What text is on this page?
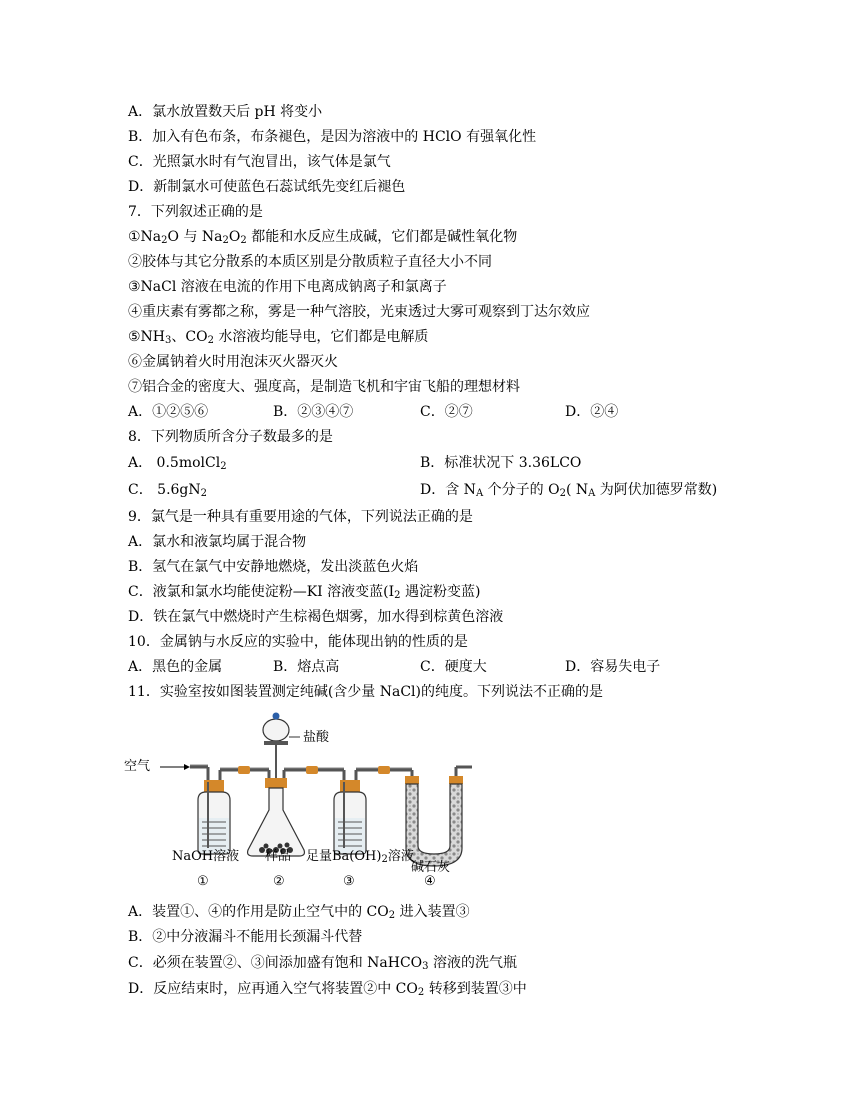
A．氯水放置数天后 pH 将变小
B．加入有色布条，布条褪色，是因为溶液中的 HClO 有强氧化性
C．光照氯水时有气泡冒出，该气体是氯气
D．新制氯水可使蓝色石蕊试纸先变红后褪色
7．下列叙述正确的是
$①Na_2O$ 与 $Na_2O_2$ 都能和水反应生成碱，它们都是碱性氧化物
②胶体与其它分散系的本质区别是分散质粒子直径大小不同
③NaCl 溶液在电流的作用下电离成钠离子和氯离子
④重庆素有雾都之称，雾是一种气溶胶，光束透过大雾可观察到丁达尔效应
$⑤NH_3$、$CO_2$ 水溶液均能导电，它们都是电解质
⑥金属钠着火时用泡沫灭火器灭火
⑦铝合金的密度大、强度高，是制造飞机和宇宙飞船的理想材料
A．①②⑤⑥	B．②③④⑦	C．②⑦	D．②④
8．下列物质所含分子数最多的是
A． 0.5molCl$_2$	B．标准状况下 3.36LCO
C． $5.6gN_2$	D．含 $N_A$ 个分子的 $O_2$( $N_A$ 为阿伏加德罗常数)
9．氯气是一种具有重要用途的气体，下列说法正确的是
A．氯水和液氯均属于混合物
B．氢气在氯气中安静地燃烧，发出淡蓝色火焰
C．液氯和氯水均能使淀粉—KI 溶液变蓝($I_2$ 遇淀粉变蓝)
D．铁在氯气中燃烧时产生棕褐色烟雾，加水得到棕黄色溶液
10．金属钠与水反应的实验中，能体现出钠的性质的是
A．黑色的金属	B．熔点高	C．硬度大	D．容易失电子
11．实验室按如图装置测定纯碱(含少量 NaCl)的纯度。下列说法不正确的是
空气
盐酸
NaOH溶液 样品 足量$Ba(OH)_2$溶液
碱石灰
①	②	③	④
A．装置①、④的作用是防止空气中的 $CO_2$ 进入装置③
B．②中分液漏斗不能用长颈漏斗代替
C．必须在装置②、③间添加盛有饱和 NaHCO$_3$ 溶液的洗气瓶
D．反应结束时，应再通入空气将装置②中 $CO_2$ 转移到装置③中
